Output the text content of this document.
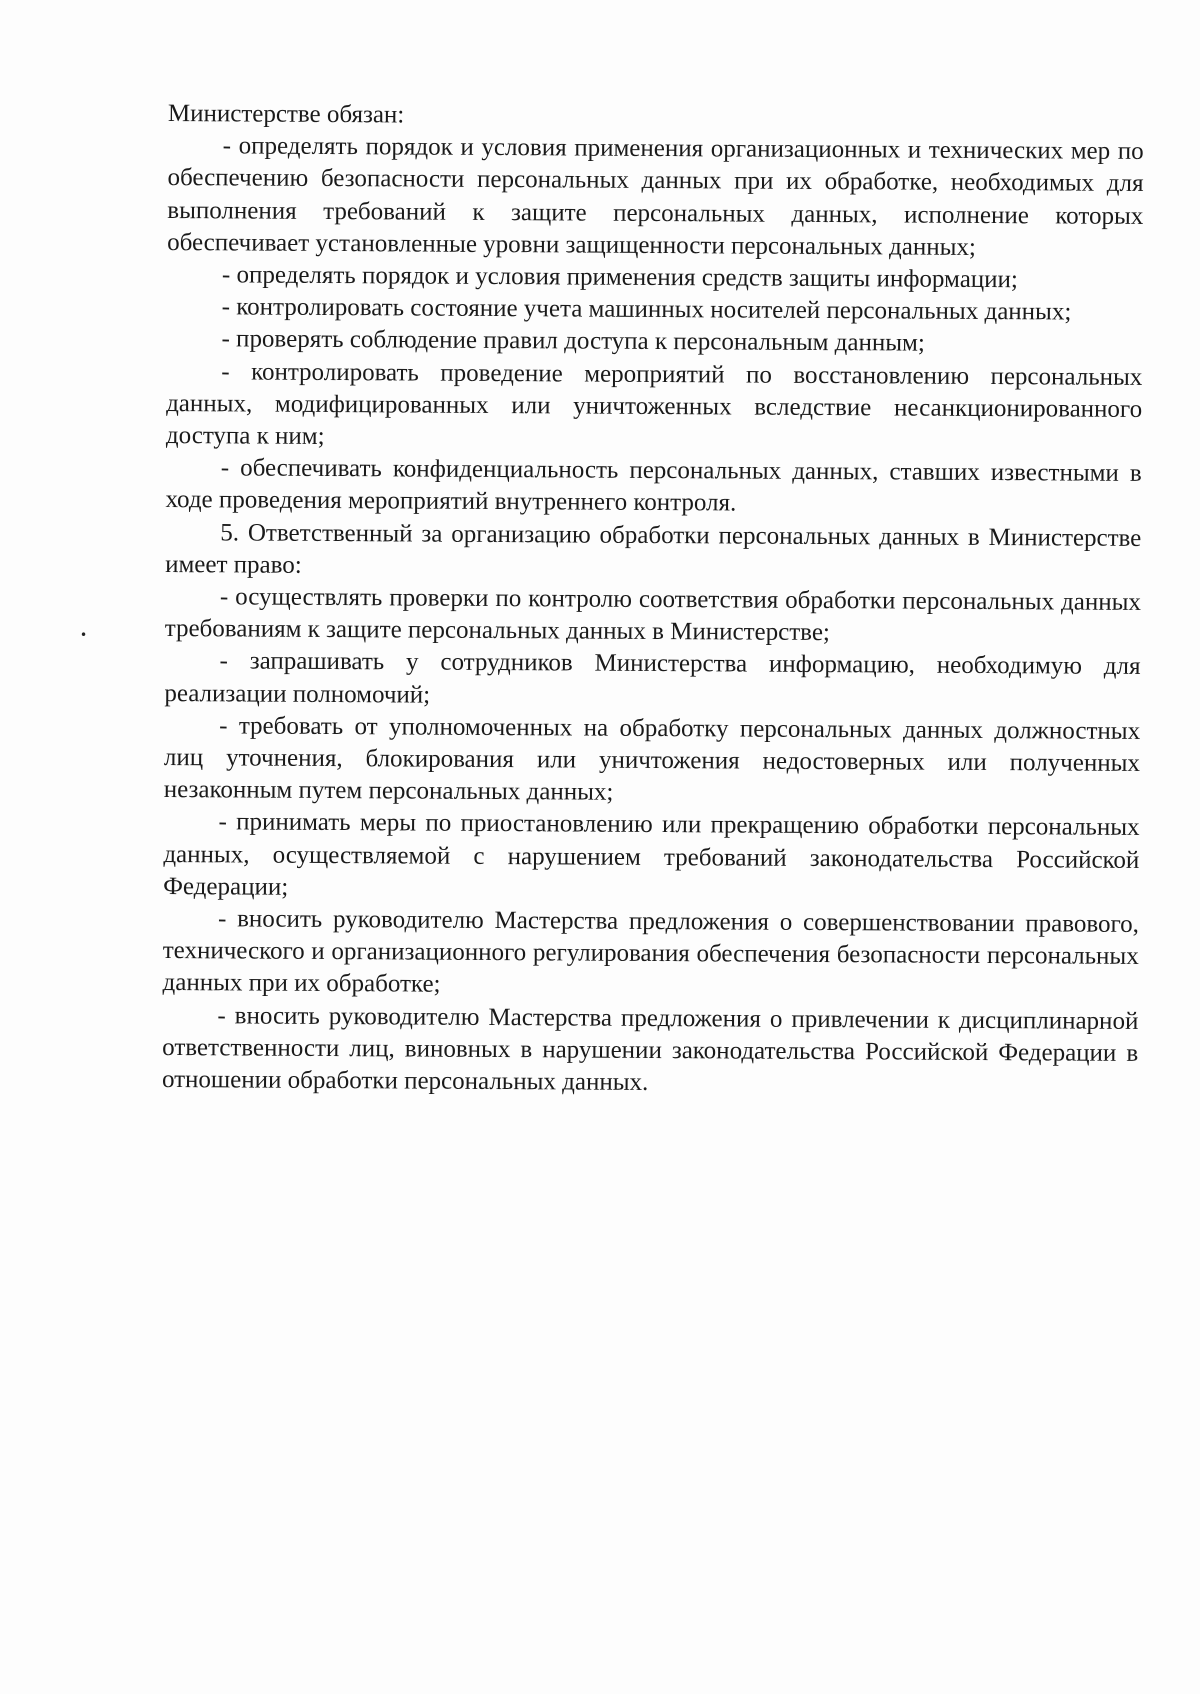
•

Министерстве обязан:

- определять порядок и условия применения организационных и технических мер по обеспечению безопасности персональных данных при их обработке, необходимых для выполнения требований к защите персональных данных, исполнение которых обеспечивает установленные уровни защищенности персональных данных;

- определять порядок и условия применения средств защиты информации;

- контролировать состояние учета машинных носителей персональных данных;

- проверять соблюдение правил доступа к персональным данным;

- контролировать проведение мероприятий по восстановлению персональных данных, модифицированных или уничтоженных вследствие несанкционированного доступа к ним;

- обеспечивать конфиденциальность персональных данных, ставших известными в ходе проведения мероприятий внутреннего контроля.

5. Ответственный за организацию обработки персональных данных в Министерстве имеет право:

- осуществлять проверки по контролю соответствия обработки персональных данных требованиям к защите персональных данных в Министерстве;

- запрашивать у сотрудников Министерства информацию, необходимую для реализации полномочий;

- требовать от уполномоченных на обработку персональных данных должностных лиц уточнения, блокирования или уничтожения недостоверных или полученных незаконным путем персональных данных;

- принимать меры по приостановлению или прекращению обработки персональных данных, осуществляемой с нарушением требований законодательства Российской Федерации;

- вносить руководителю Мастерства предложения о совершенствовании правового, технического и организационного регулирования обеспечения безопасности персональных данных при их обработке;

- вносить руководителю Мастерства предложения о привлечении к дисциплинарной ответственности лиц, виновных в нарушении законодательства Российской Федерации в отношении обработки персональных данных.
